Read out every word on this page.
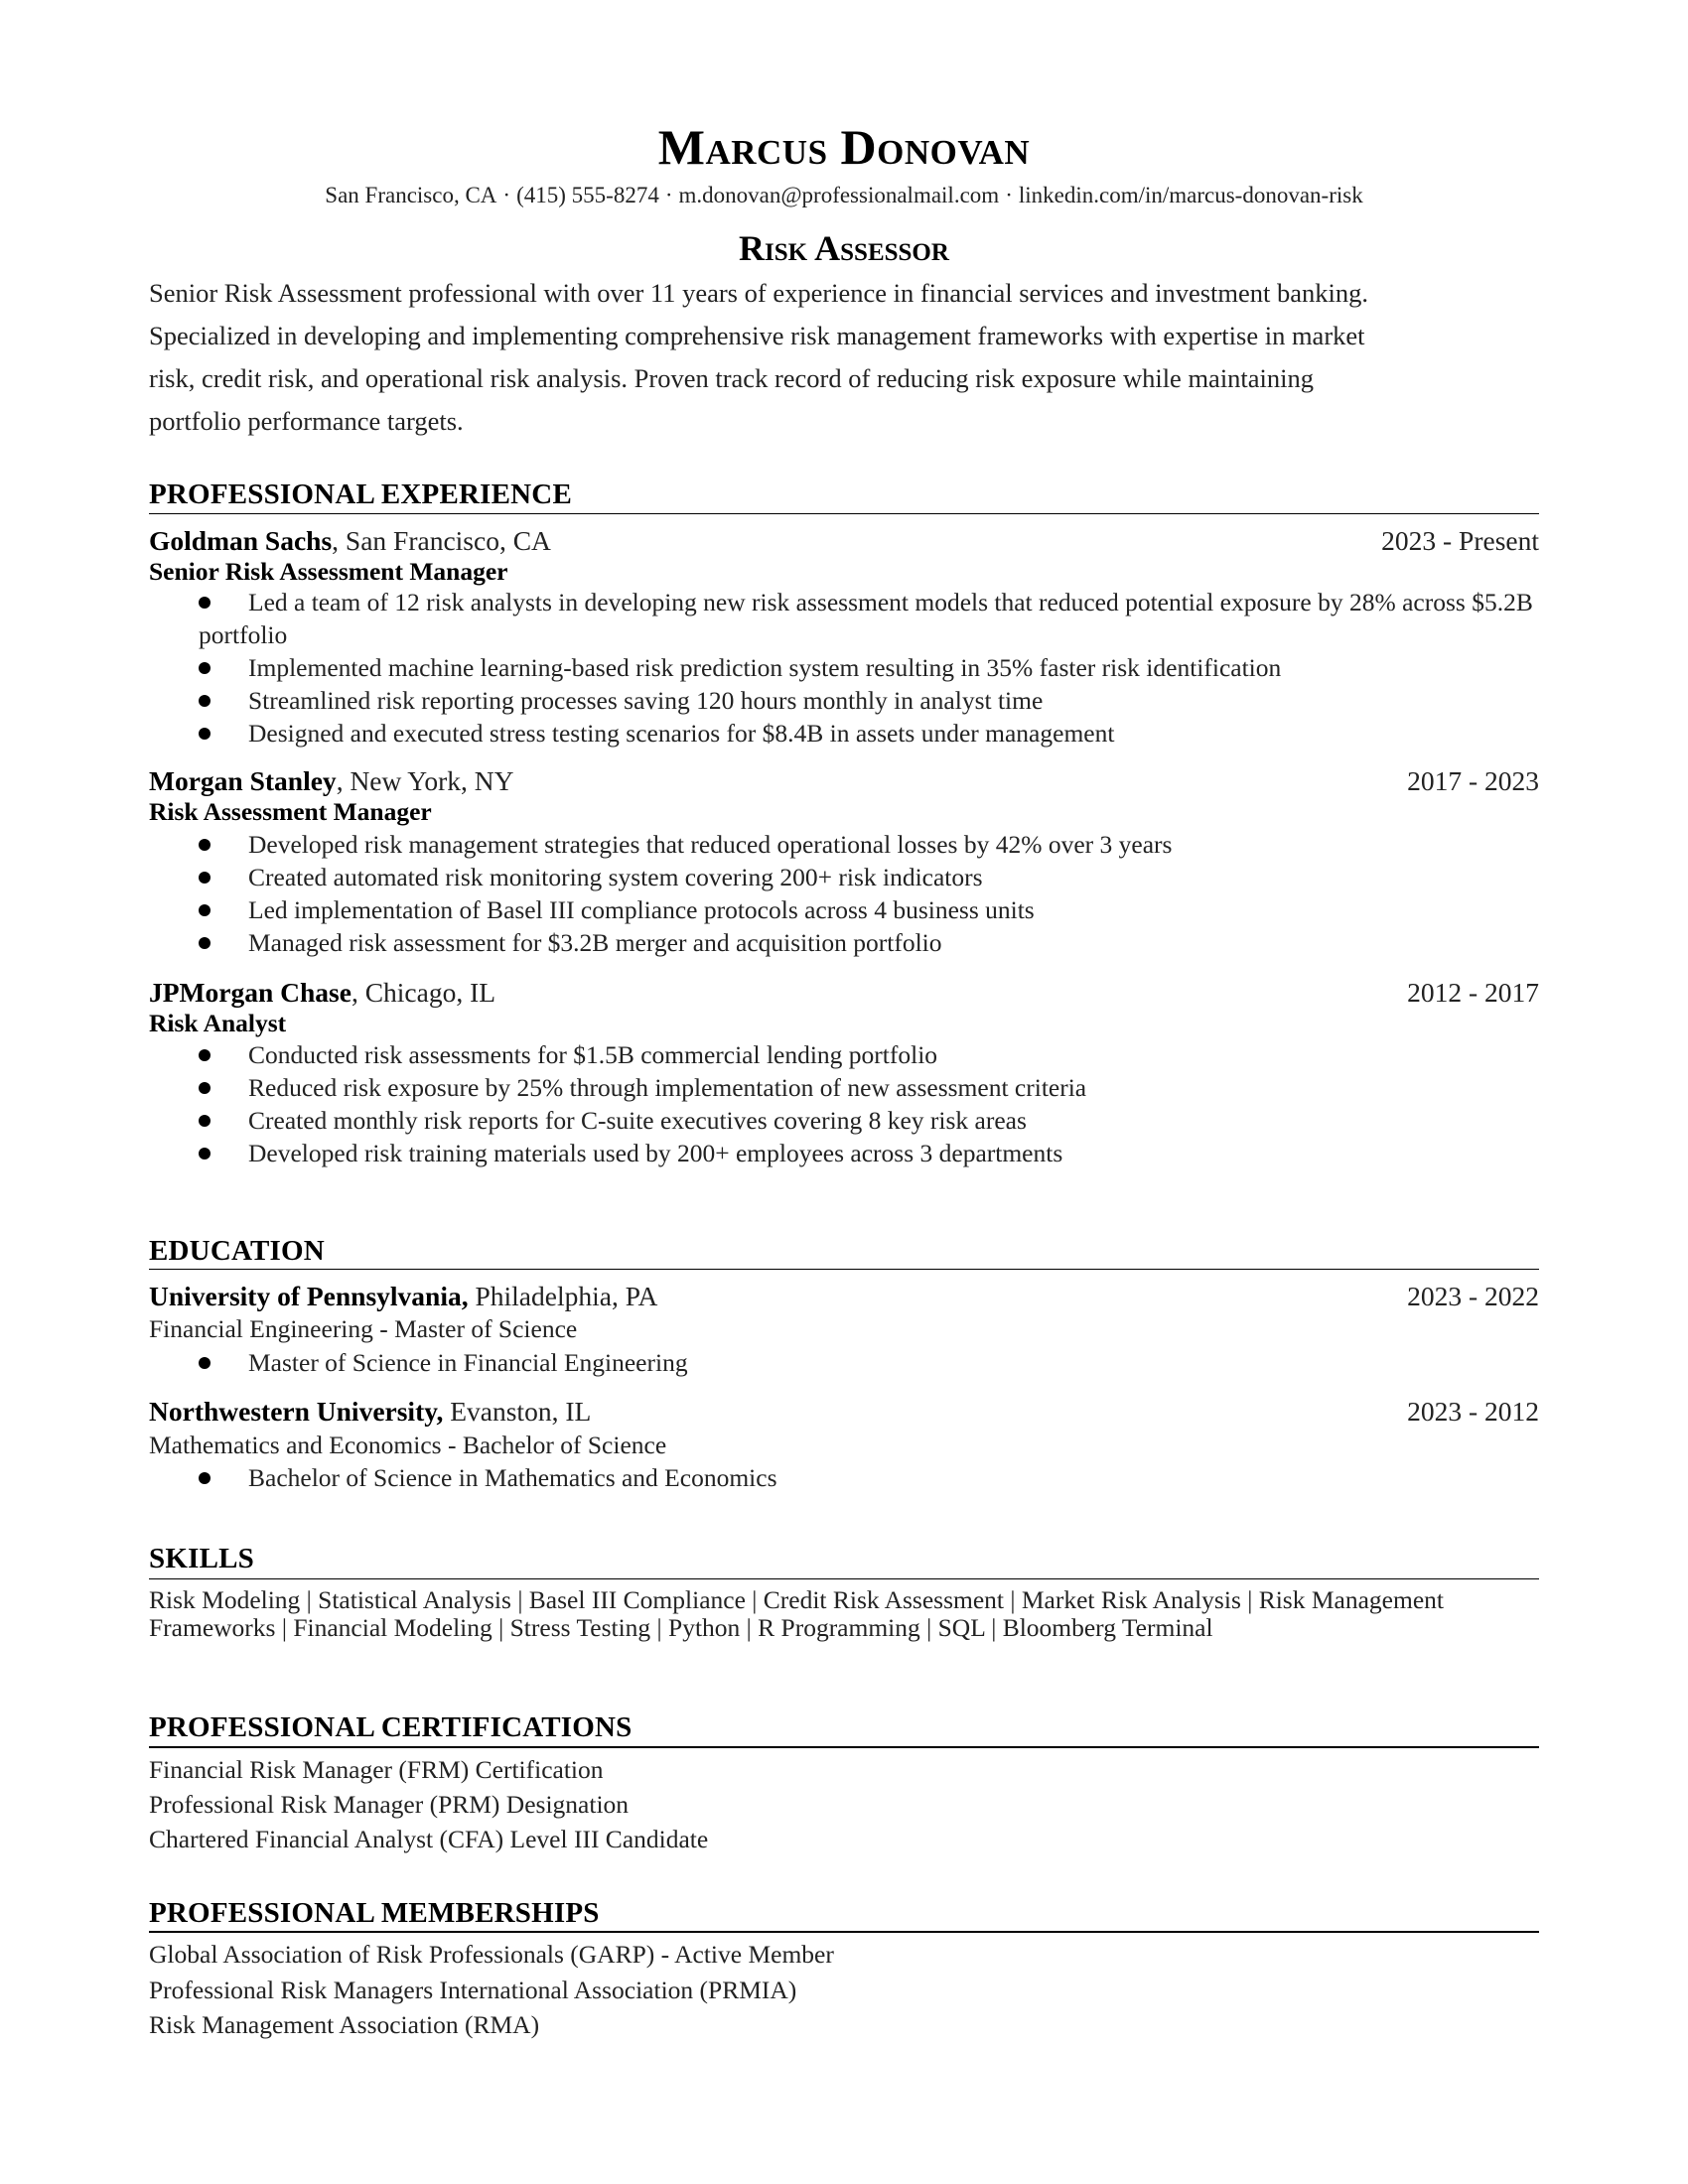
Marcus Donovan
San Francisco, CA · (415) 555-8274 · m.donovan@professionalmail.com · linkedin.com/in/marcus-donovan-risk
Risk Assessor
Senior Risk Assessment professional with over 11 years of experience in financial services and investment banking.
Specialized in developing and implementing comprehensive risk management frameworks with expertise in market
risk, credit risk, and operational risk analysis. Proven track record of reducing risk exposure while maintaining
portfolio performance targets.
PROFESSIONAL EXPERIENCE
Goldman Sachs, San Francisco, CA	2023 - Present
Senior Risk Assessment Manager
Led a team of 12 risk analysts in developing new risk assessment models that reduced potential exposure by 28% across $5.2B portfolio
Implemented machine learning-based risk prediction system resulting in 35% faster risk identification
Streamlined risk reporting processes saving 120 hours monthly in analyst time
Designed and executed stress testing scenarios for $8.4B in assets under management
Morgan Stanley, New York, NY	2017 - 2023
Risk Assessment Manager
Developed risk management strategies that reduced operational losses by 42% over 3 years
Created automated risk monitoring system covering 200+ risk indicators
Led implementation of Basel III compliance protocols across 4 business units
Managed risk assessment for $3.2B merger and acquisition portfolio
JPMorgan Chase, Chicago, IL	2012 - 2017
Risk Analyst
Conducted risk assessments for $1.5B commercial lending portfolio
Reduced risk exposure by 25% through implementation of new assessment criteria
Created monthly risk reports for C-suite executives covering 8 key risk areas
Developed risk training materials used by 200+ employees across 3 departments
EDUCATION
University of Pennsylvania, Philadelphia, PA	2023 - 2022
Financial Engineering - Master of Science
Master of Science in Financial Engineering
Northwestern University, Evanston, IL	2023 - 2012
Mathematics and Economics - Bachelor of Science
Bachelor of Science in Mathematics and Economics
SKILLS
Risk Modeling | Statistical Analysis | Basel III Compliance | Credit Risk Assessment | Market Risk Analysis | Risk Management Frameworks | Financial Modeling | Stress Testing | Python | R Programming | SQL | Bloomberg Terminal
PROFESSIONAL CERTIFICATIONS
Financial Risk Manager (FRM) Certification
Professional Risk Manager (PRM) Designation
Chartered Financial Analyst (CFA) Level III Candidate
PROFESSIONAL MEMBERSHIPS
Global Association of Risk Professionals (GARP) - Active Member
Professional Risk Managers International Association (PRMIA)
Risk Management Association (RMA)
